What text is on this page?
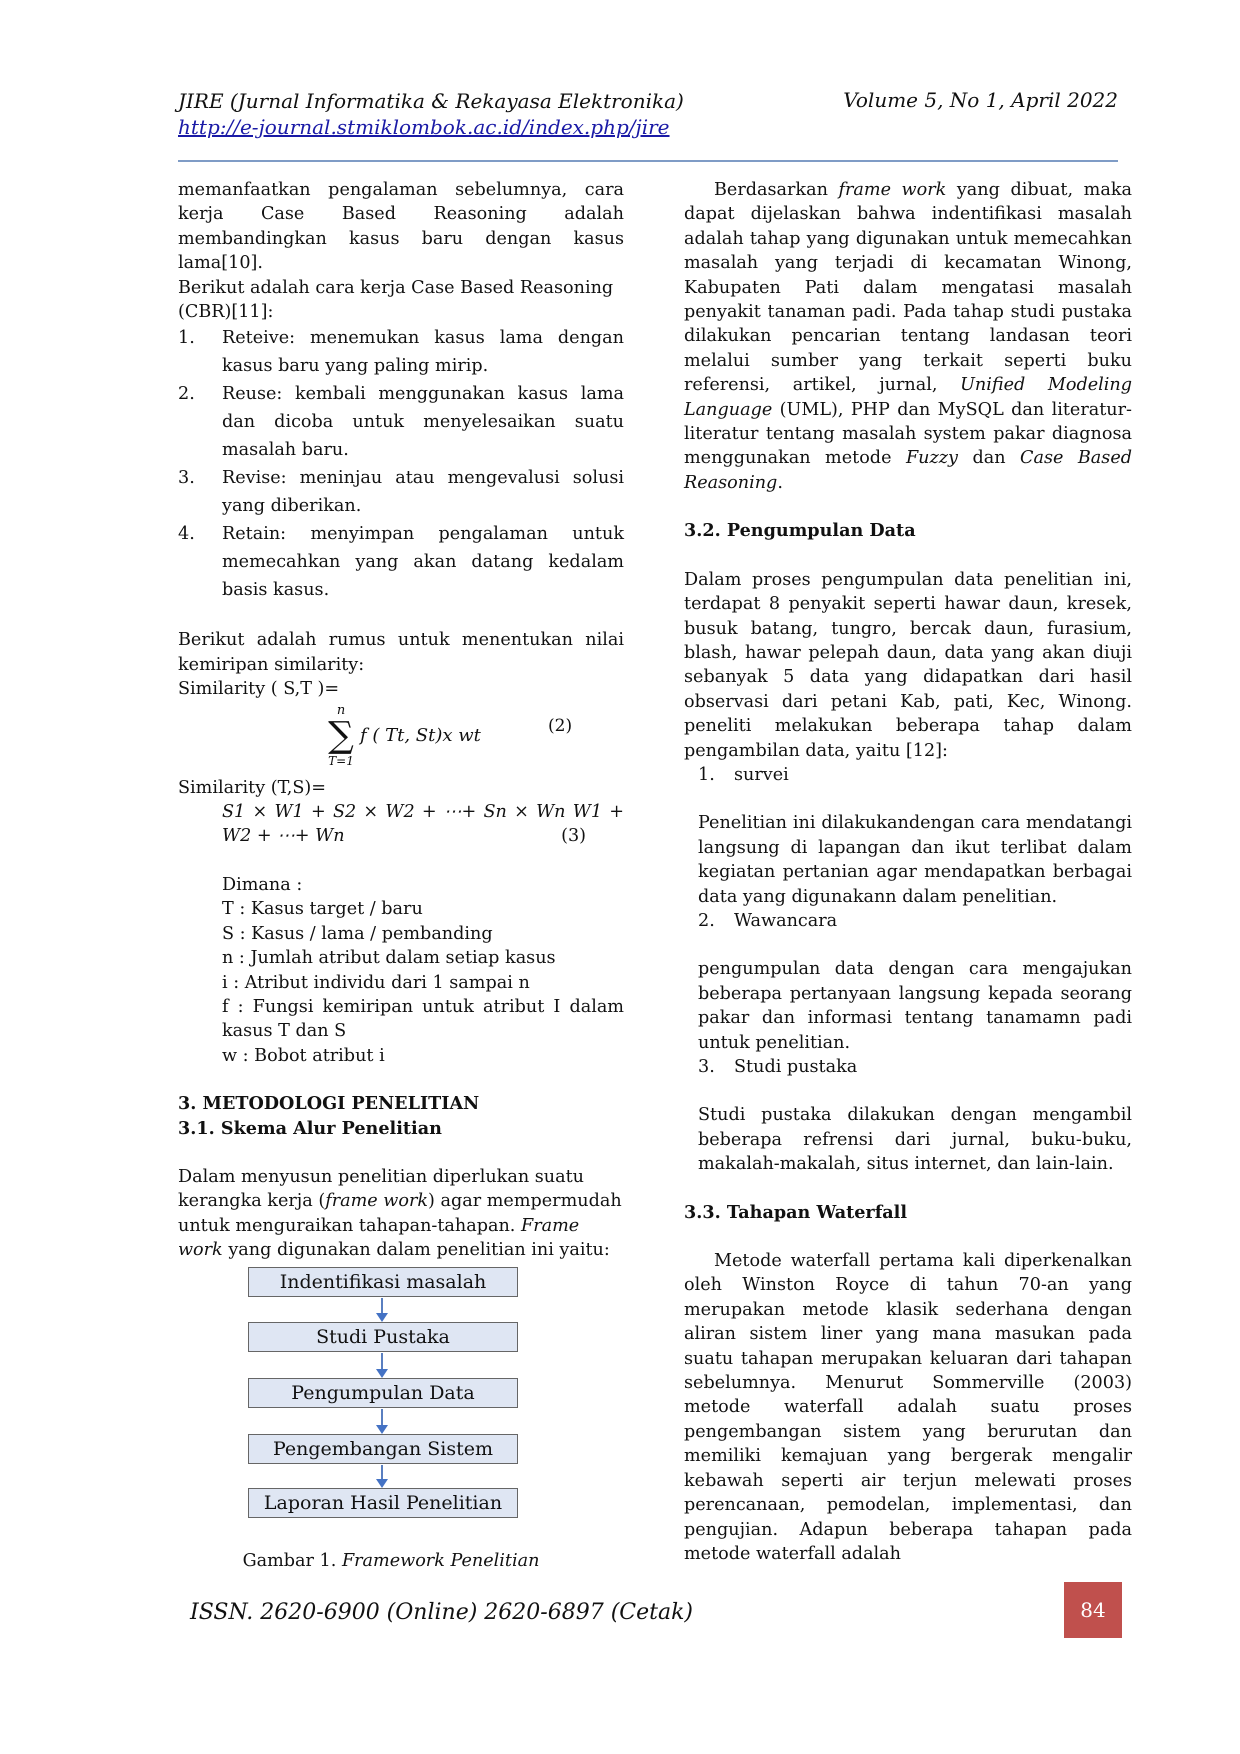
JIRE (Jurnal Informatika & Rekayasa Elektronika)
http://e-journal.stmiklombok.ac.id/index.php/jire
Volume 5, No 1, April 2022

memanfaatkan pengalaman sebelumnya, cara kerja Case Based Reasoning adalah membandingkan kasus baru dengan kasus lama[10].

Berikut adalah cara kerja Case Based Reasoning (CBR)[11]:

1. Reteive: menemukan kasus lama dengan kasus baru yang paling mirip.
2. Reuse: kembali menggunakan kasus lama dan dicoba untuk menyelesaikan suatu masalah baru.
3. Revise: meninjau atau mengevalusi solusi yang diberikan.
4. Retain: menyimpan pengalaman untuk memecahkan yang akan datang kedalam basis kasus.

Berikut adalah rumus untuk menentukan nilai kemiripan similarity:

Similarity ( S,T )=

n
∑
T=1
f ( Tt, St)x wt	(2)

Similarity (T,S)=

S1 × W1 + S2 × W2 + ⋯+ Sn × Wn W1 + W2 + ⋯+ Wn	(3)

Dimana :

T : Kasus target / baru

S : Kasus / lama / pembanding

n : Jumlah atribut dalam setiap kasus

i : Atribut individu dari 1 sampai n

f : Fungsi kemiripan untuk atribut I dalam kasus T dan S

w : Bobot atribut i

3. METODOLOGI PENELITIAN
3.1. Skema Alur Penelitian

Dalam menyusun penelitian diperlukan suatu kerangka kerja (frame work) agar mempermudah untuk menguraikan tahapan-tahapan. Frame work yang digunakan dalam penelitian ini yaitu:

Indentifikasi masalah
Studi Pustaka
Pengumpulan Data
Pengembangan Sistem
Laporan Hasil Penelitian

Gambar 1. Framework Penelitian

Berdasarkan frame work yang dibuat, maka dapat dijelaskan bahwa indentifikasi masalah adalah tahap yang digunakan untuk memecahkan masalah yang terjadi di kecamatan Winong, Kabupaten Pati dalam mengatasi masalah penyakit tanaman padi. Pada tahap studi pustaka dilakukan pencarian tentang landasan teori melalui sumber yang terkait seperti buku referensi, artikel, jurnal, Unified Modeling Language (UML), PHP dan MySQL dan literatur-literatur tentang masalah system pakar diagnosa menggunakan metode Fuzzy dan Case Based Reasoning.

3.2. Pengumpulan Data

Dalam proses pengumpulan data penelitian ini, terdapat 8 penyakit seperti hawar daun, kresek, busuk batang, tungro, bercak daun, furasium, blash, hawar pelepah daun, data yang akan diuji sebanyak 5 data yang didapatkan dari hasil observasi dari petani Kab, pati, Kec, Winong. peneliti melakukan beberapa tahap dalam pengambilan data, yaitu [12]:

1. survei

Penelitian ini dilakukandengan cara mendatangi langsung di lapangan dan ikut terlibat dalam kegiatan pertanian agar mendapatkan berbagai data yang digunakann dalam penelitian.

2. Wawancara

pengumpulan data dengan cara mengajukan beberapa pertanyaan langsung kepada seorang pakar dan informasi tentang tanamamn padi untuk penelitian.

3. Studi pustaka

Studi pustaka dilakukan dengan mengambil beberapa refrensi dari jurnal, buku-buku, makalah-makalah, situs internet, dan lain-lain.

3.3. Tahapan Waterfall

Metode waterfall pertama kali diperkenalkan oleh Winston Royce di tahun 70-an yang merupakan metode klasik sederhana dengan aliran sistem liner yang mana masukan pada suatu tahapan merupakan keluaran dari tahapan sebelumnya. Menurut Sommerville (2003) metode waterfall adalah suatu proses pengembangan sistem yang berurutan dan memiliki kemajuan yang bergerak mengalir kebawah seperti air terjun melewati proses perencanaan, pemodelan, implementasi, dan pengujian. Adapun beberapa tahapan pada metode waterfall adalah

ISSN. 2620-6900 (Online) 2620-6897 (Cetak)	84
